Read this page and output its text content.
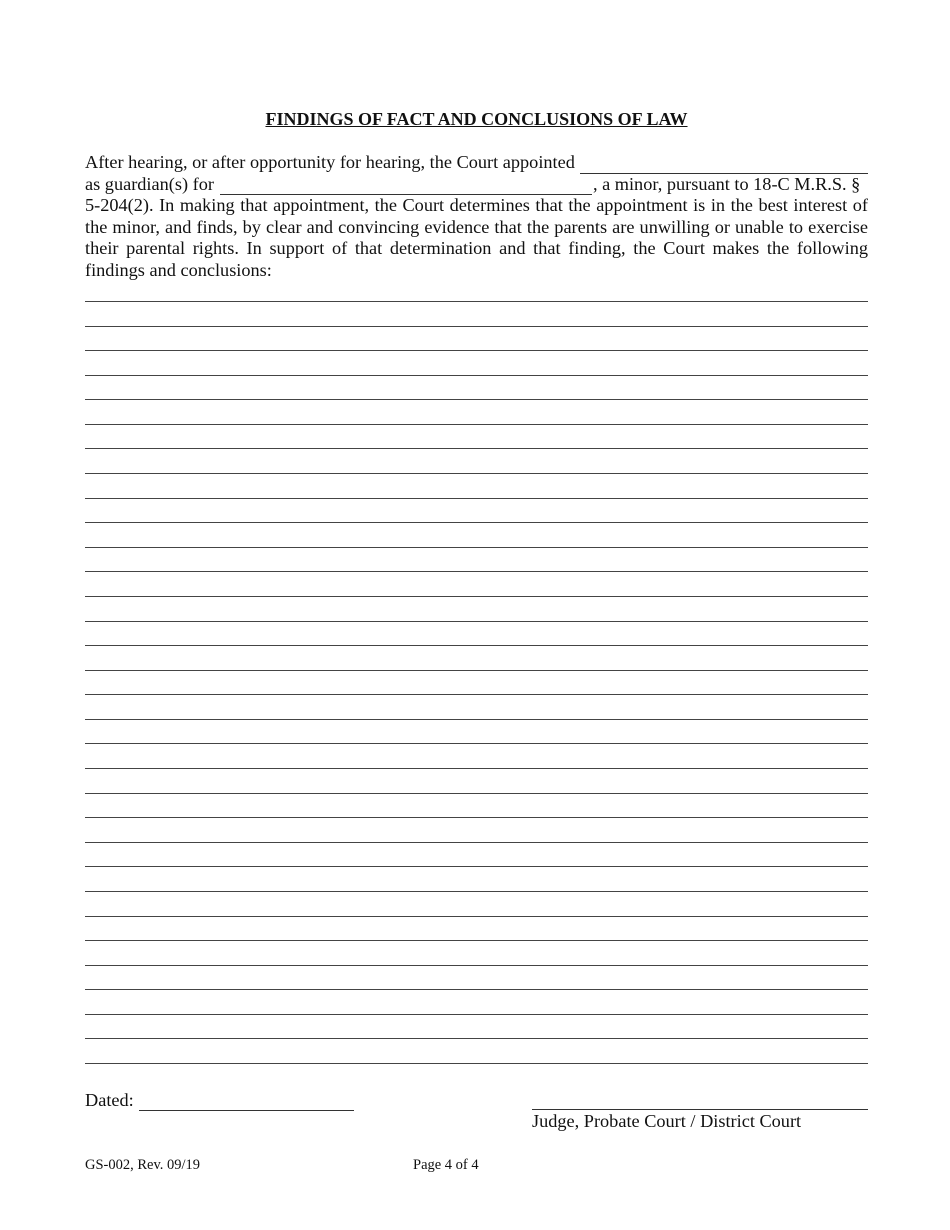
FINDINGS OF FACT AND CONCLUSIONS OF LAW
After hearing, or after opportunity for hearing, the Court appointed
as guardian(s) for	, a minor, pursuant to 18-C M.R.S. §
5-204(2). In making that appointment, the Court determines that the appointment is in the best interest of the minor, and finds, by clear and convincing evidence that the parents are unwilling or unable to exercise their parental rights. In support of that determination and that finding, the Court makes the following findings and conclusions:
Dated:
Judge, Probate Court / District Court
GS-002, Rev. 09/19	Page 4 of 4
